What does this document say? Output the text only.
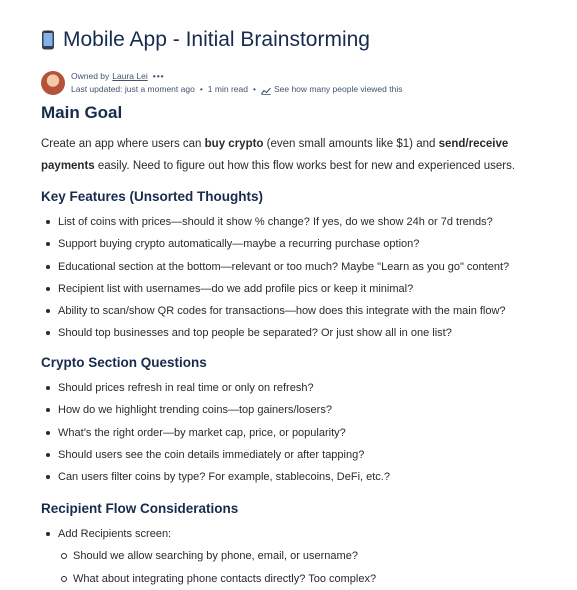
Mobile App - Initial Brainstorming
Owned by Laura Lei •••
Last updated: just a moment ago • 1 min read • See how many people viewed this
Main Goal

Create an app where users can buy crypto (even small amounts like $1) and send/receive payments easily. Need to figure out how this flow works best for new and experienced users.

Key Features (Unsorted Thoughts)
List of coins with prices—should it show % change? If yes, do we show 24h or 7d trends?
Support buying crypto automatically—maybe a recurring purchase option?
Educational section at the bottom—relevant or too much? Maybe "Learn as you go" content?
Recipient list with usernames—do we add profile pics or keep it minimal?
Ability to scan/show QR codes for transactions—how does this integrate with the main flow?
Should top businesses and top people be separated? Or just show all in one list?
Crypto Section Questions
Should prices refresh in real time or only on refresh?
How do we highlight trending coins—top gainers/losers?
What’s the right order—by market cap, price, or popularity?
Should users see the coin details immediately or after tapping?
Can users filter coins by type? For example, stablecoins, DeFi, etc.?
Recipient Flow Considerations
Add Recipients screen:
Should we allow searching by phone, email, or username?
What about integrating phone contacts directly? Too complex?
